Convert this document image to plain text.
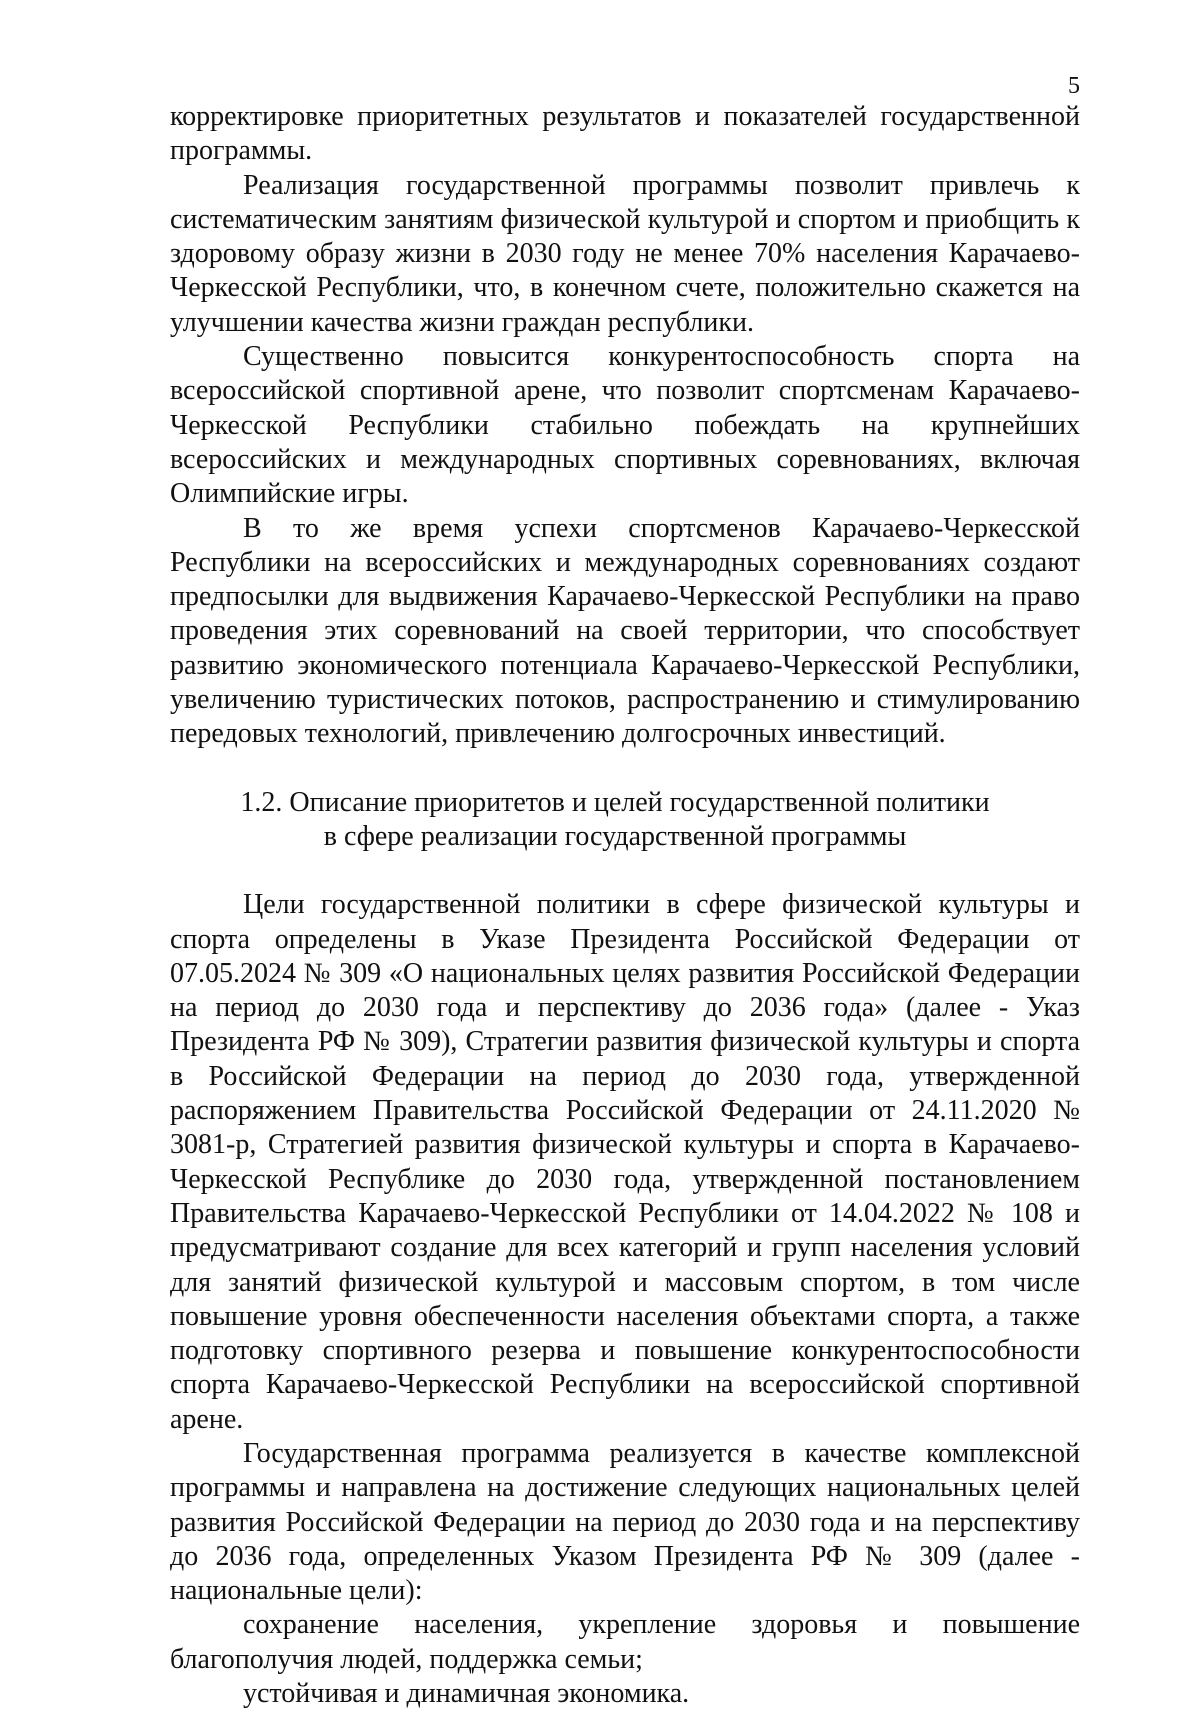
5

корректировке приоритетных результатов и показателей государственной программы.

Реализация государственной программы позволит привлечь к систематическим занятиям физической культурой и спортом и приобщить к здоровому образу жизни в 2030 году не менее 70% населения Карачаево-Черкесской Республики, что, в конечном счете, положительно скажется на улучшении качества жизни граждан республики.

Существенно повысится конкурентоспособность спорта на всероссийской спортивной арене, что позволит спортсменам Карачаево-Черкесской Республики стабильно побеждать на крупнейших всероссийских и международных спортивных соревнованиях, включая Олимпийские игры.

В то же время успехи спортсменов Карачаево-Черкесской Республики на всероссийских и международных соревнованиях создают предпосылки для выдвижения Карачаево-Черкесской Республики на право проведения этих соревнований на своей территории, что способствует развитию экономического потенциала Карачаево-Черкесской Республики, увеличению туристических потоков, распространению и стимулированию передовых технологий, привлечению долгосрочных инвестиций.

1.2. Описание приоритетов и целей государственной политики
в сфере реализации государственной программы

Цели государственной политики в сфере физической культуры и спорта определены в Указе Президента Российской Федерации от 07.05.2024 № 309 «О национальных целях развития Российской Федерации на период до 2030 года и перспективу до 2036 года» (далее - Указ Президента РФ № 309), Стратегии развития физической культуры и спорта в Российской Федерации на период до 2030 года, утвержденной распоряжением Правительства Российской Федерации от 24.11.2020 № 3081-р, Стратегией развития физической культуры и спорта в Карачаево-Черкесской Республике до 2030 года, утвержденной постановлением Правительства Карачаево-Черкесской Республики от 14.04.2022 № 108 и предусматривают создание для всех категорий и групп населения условий для занятий физической культурой и массовым спортом, в том числе повышение уровня обеспеченности населения объектами спорта, а также подготовку спортивного резерва и повышение конкурентоспособности спорта Карачаево-Черкесской Республики на всероссийской спортивной арене.

Государственная программа реализуется в качестве комплексной программы и направлена на достижение следующих национальных целей развития Российской Федерации на период до 2030 года и на перспективу до 2036 года, определенных Указом Президента РФ № 309 (далее - национальные цели):

сохранение населения, укрепление здоровья и повышение благополучия людей, поддержка семьи;

устойчивая и динамичная экономика.
